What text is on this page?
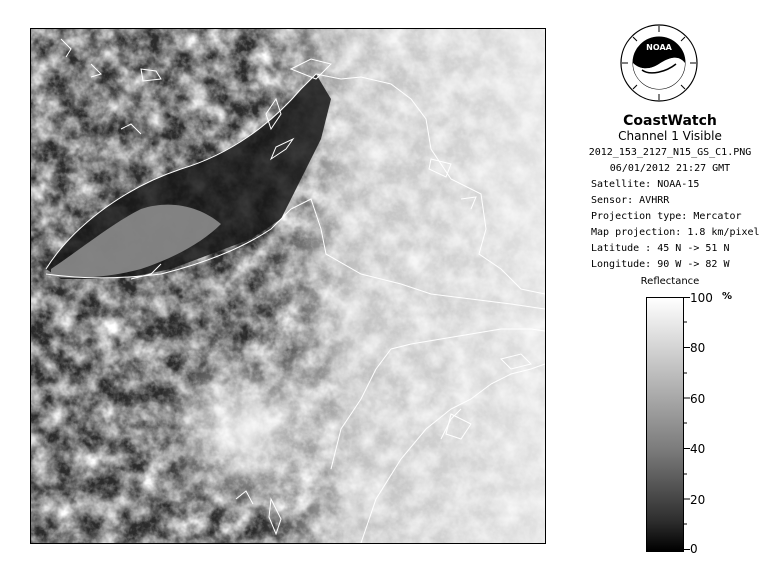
NOAA
CoastWatch
Channel 1 Visible
2012_153_2127_N15_GS_C1.PNG
06/01/2012 21:27 GMT
Satellite: NOAA-15
Sensor: AVHRR
Projection type: Mercator
Map projection: 1.8 km/pixel
Latitude : 45 N -> 51 N
Longitude: 90 W -> 82 W
Reflectance
100
80
60
40
20
0
%
